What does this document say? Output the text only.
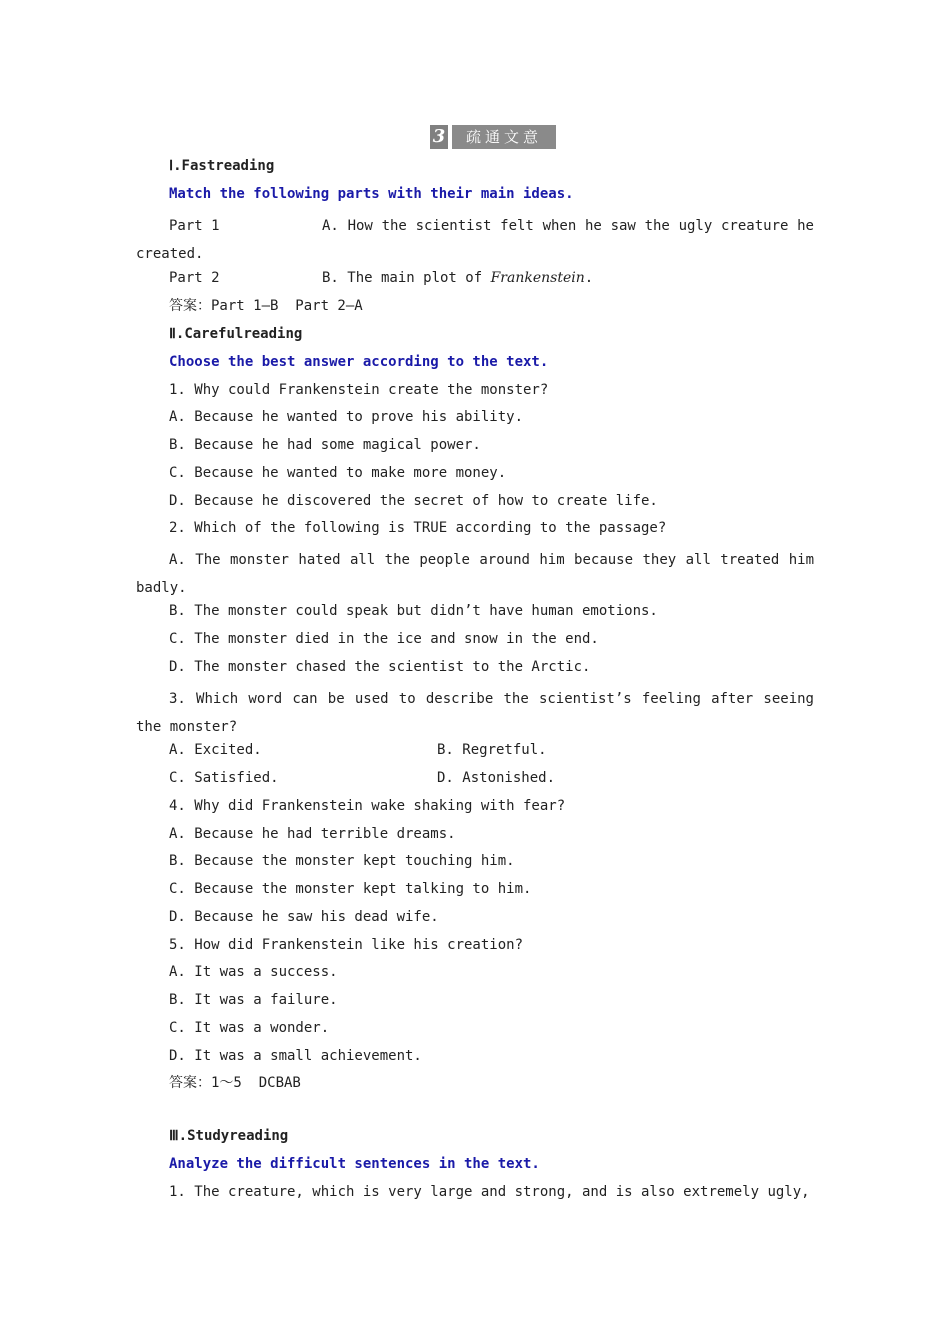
3	疏通文意
Ⅰ.Fastreading
Match the following parts with their main ideas.
Part 1	A. How the scientist felt when he saw the ugly creature he created.
Part 2	B. The main plot of Frankenstein.
答案：Part 1—B  Part 2—A
Ⅱ.Carefulreading
Choose the best answer according to the text.
1. Why could Frankenstein create the monster?
A. Because he wanted to prove his ability.
B. Because he had some magical power.
C. Because he wanted to make more money.
D. Because he discovered the secret of how to create life.
2. Which of the following is TRUE according to the passage?
A. The monster hated all the people around him because they all treated him badly.
B. The monster could speak but didn’t have human emotions.
C. The monster died in the ice and snow in the end.
D. The monster chased the scientist to the Arctic.
3. Which word can be used to describe the scientist’s feeling after seeing the monster?
A. Excited.	B. Regretful.
C. Satisfied.	D. Astonished.
4. Why did Frankenstein wake shaking with fear?
A. Because he had terrible dreams.
B. Because the monster kept touching him.
C. Because the monster kept talking to him.
D. Because he saw his dead wife.
5. How did Frankenstein like his creation?
A. It was a success.
B. It was a failure.
C. It was a wonder.
D. It was a small achievement.
答案：1～5  DCBAB
Ⅲ.Studyreading
Analyze the difficult sentences in the text.
1. The creature, which is very large and strong, and is also extremely ugly,
